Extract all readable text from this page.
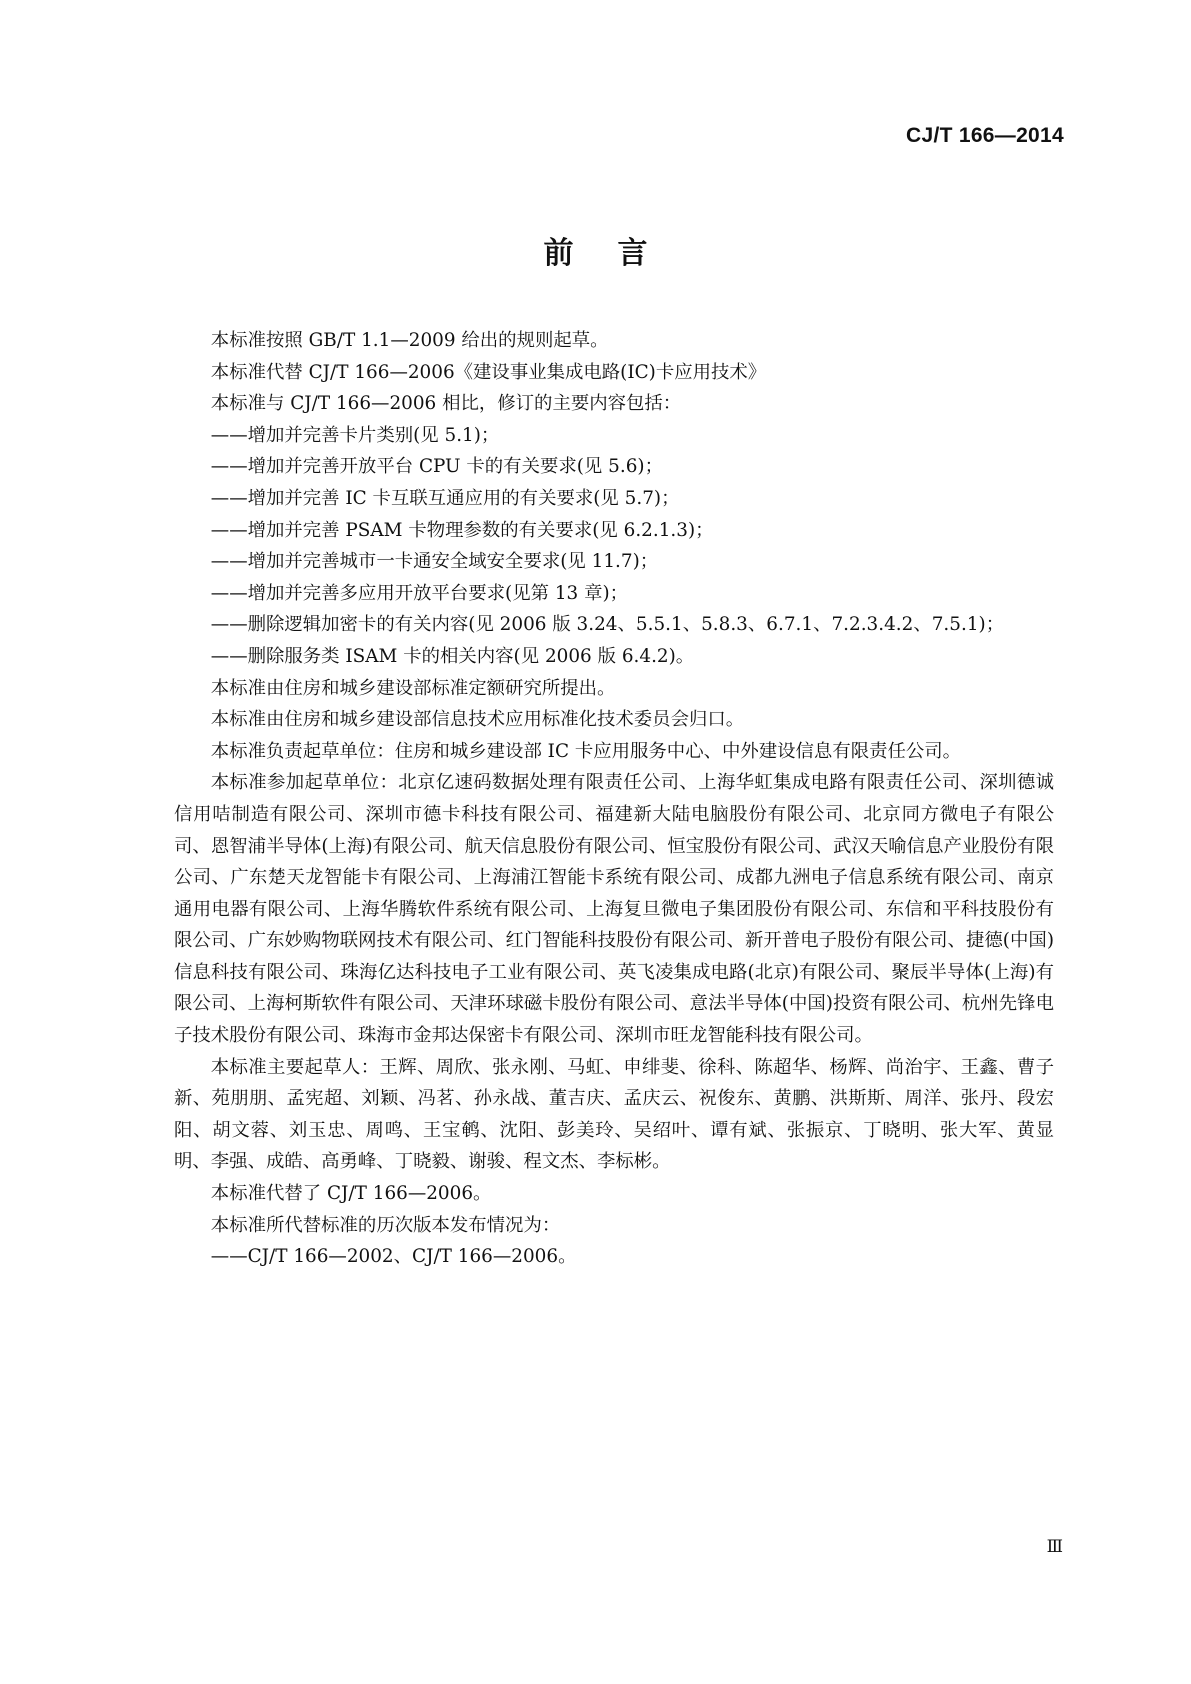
CJ/T 166—2014
前言

本标准按照 GB/T 1.1—2009 给出的规则起草。

本标准代替 CJ/T 166—2006《建设事业集成电路(IC)卡应用技术》

本标准与 CJ/T 166—2006 相比，修订的主要内容包括：

——增加并完善卡片类别(见 5.1)；

——增加并完善开放平台 CPU 卡的有关要求(见 5.6)；

——增加并完善 IC 卡互联互通应用的有关要求(见 5.7)；

——增加并完善 PSAM 卡物理参数的有关要求(见 6.2.1.3)；

——增加并完善城市一卡通安全域安全要求(见 11.7)；

——增加并完善多应用开放平台要求(见第 13 章)；

——删除逻辑加密卡的有关内容(见 2006 版 3.24、5.5.1、5.8.3、6.7.1、7.2.3.4.2、7.5.1)；

——删除服务类 ISAM 卡的相关内容(见 2006 版 6.4.2)。

本标准由住房和城乡建设部标准定额研究所提出。

本标准由住房和城乡建设部信息技术应用标准化技术委员会归口。

本标准负责起草单位：住房和城乡建设部 IC 卡应用服务中心、中外建设信息有限责任公司。

本标准参加起草单位：北京亿速码数据处理有限责任公司、上海华虹集成电路有限责任公司、深圳德诚信用咭制造有限公司、深圳市德卡科技有限公司、福建新大陆电脑股份有限公司、北京同方微电子有限公司、恩智浦半导体(上海)有限公司、航天信息股份有限公司、恒宝股份有限公司、武汉天喻信息产业股份有限公司、广东楚天龙智能卡有限公司、上海浦江智能卡系统有限公司、成都九洲电子信息系统有限公司、南京通用电器有限公司、上海华腾软件系统有限公司、上海复旦微电子集团股份有限公司、东信和平科技股份有限公司、广东妙购物联网技术有限公司、红门智能科技股份有限公司、新开普电子股份有限公司、捷德(中国)信息科技有限公司、珠海亿达科技电子工业有限公司、英飞凌集成电路(北京)有限公司、聚辰半导体(上海)有限公司、上海柯斯软件有限公司、天津环球磁卡股份有限公司、意法半导体(中国)投资有限公司、杭州先锋电子技术股份有限公司、珠海市金邦达保密卡有限公司、深圳市旺龙智能科技有限公司。

本标准主要起草人：王辉、周欣、张永刚、马虹、申绯斐、徐科、陈超华、杨辉、尚治宇、王鑫、曹子新、苑朋朋、孟宪超、刘颖、冯茗、孙永战、董吉庆、孟庆云、祝俊东、黄鹏、洪斯斯、周洋、张丹、段宏阳、胡文蓉、刘玉忠、周鸣、王宝鹌、沈阳、彭美玲、吴绍叶、谭有斌、张振京、丁晓明、张大军、黄显明、李强、成皓、高勇峰、丁晓毅、谢骏、程文杰、李标彬。

本标准代替了 CJ/T 166—2006。

本标准所代替标准的历次版本发布情况为：

——CJ/T 166—2002、CJ/T 166—2006。

Ⅲ
